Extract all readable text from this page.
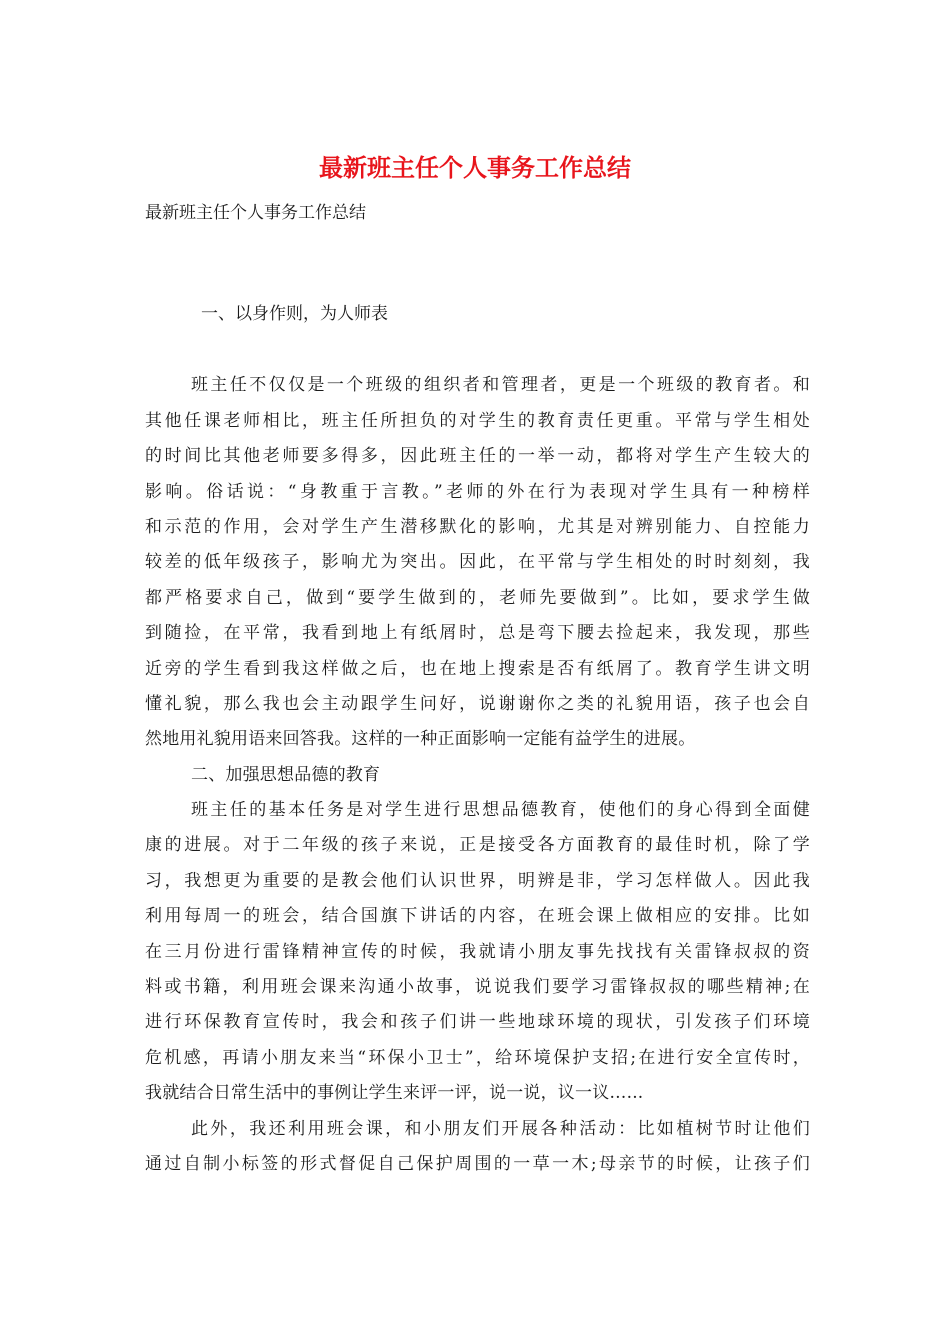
最新班主任个人事务工作总结
最新班主任个人事务工作总结
一、以身作则，为人师表
班主任不仅仅是一个班级的组织者和管理者，更是一个班级的教育者。和
其他任课老师相比，班主任所担负的对学生的教育责任更重。平常与学生相处
的时间比其他老师要多得多，因此班主任的一举一动，都将对学生产生较大的
影响。俗话说：“身教重于言教。”老师的外在行为表现对学生具有一种榜样
和示范的作用，会对学生产生潜移默化的影响，尤其是对辨别能力、自控能力
较差的低年级孩子，影响尤为突出。因此，在平常与学生相处的时时刻刻，我
都严格要求自己，做到“要学生做到的，老师先要做到”。比如，要求学生做
到随捡，在平常，我看到地上有纸屑时，总是弯下腰去捡起来，我发现，那些
近旁的学生看到我这样做之后，也在地上搜索是否有纸屑了。教育学生讲文明
懂礼貌，那么我也会主动跟学生问好，说谢谢你之类的礼貌用语，孩子也会自
然地用礼貌用语来回答我。这样的一种正面影响一定能有益学生的进展。
二、加强思想品德的教育
班主任的基本任务是对学生进行思想品德教育，使他们的身心得到全面健
康的进展。对于二年级的孩子来说，正是接受各方面教育的最佳时机，除了学
习，我想更为重要的是教会他们认识世界，明辨是非，学习怎样做人。因此我
利用每周一的班会，结合国旗下讲话的内容，在班会课上做相应的安排。比如
在三月份进行雷锋精神宣传的时候，我就请小朋友事先找找有关雷锋叔叔的资
料或书籍，利用班会课来沟通小故事，说说我们要学习雷锋叔叔的哪些精神;在
进行环保教育宣传时，我会和孩子们讲一些地球环境的现状，引发孩子们环境
危机感，再请小朋友来当“环保小卫士”，给环境保护支招;在进行安全宣传时，
我就结合日常生活中的事例让学生来评一评，说一说，议一议…...
此外，我还利用班会课，和小朋友们开展各种活动：比如植树节时让他们
通过自制小标签的形式督促自己保护周围的一草一木;母亲节的时候，让孩子们
